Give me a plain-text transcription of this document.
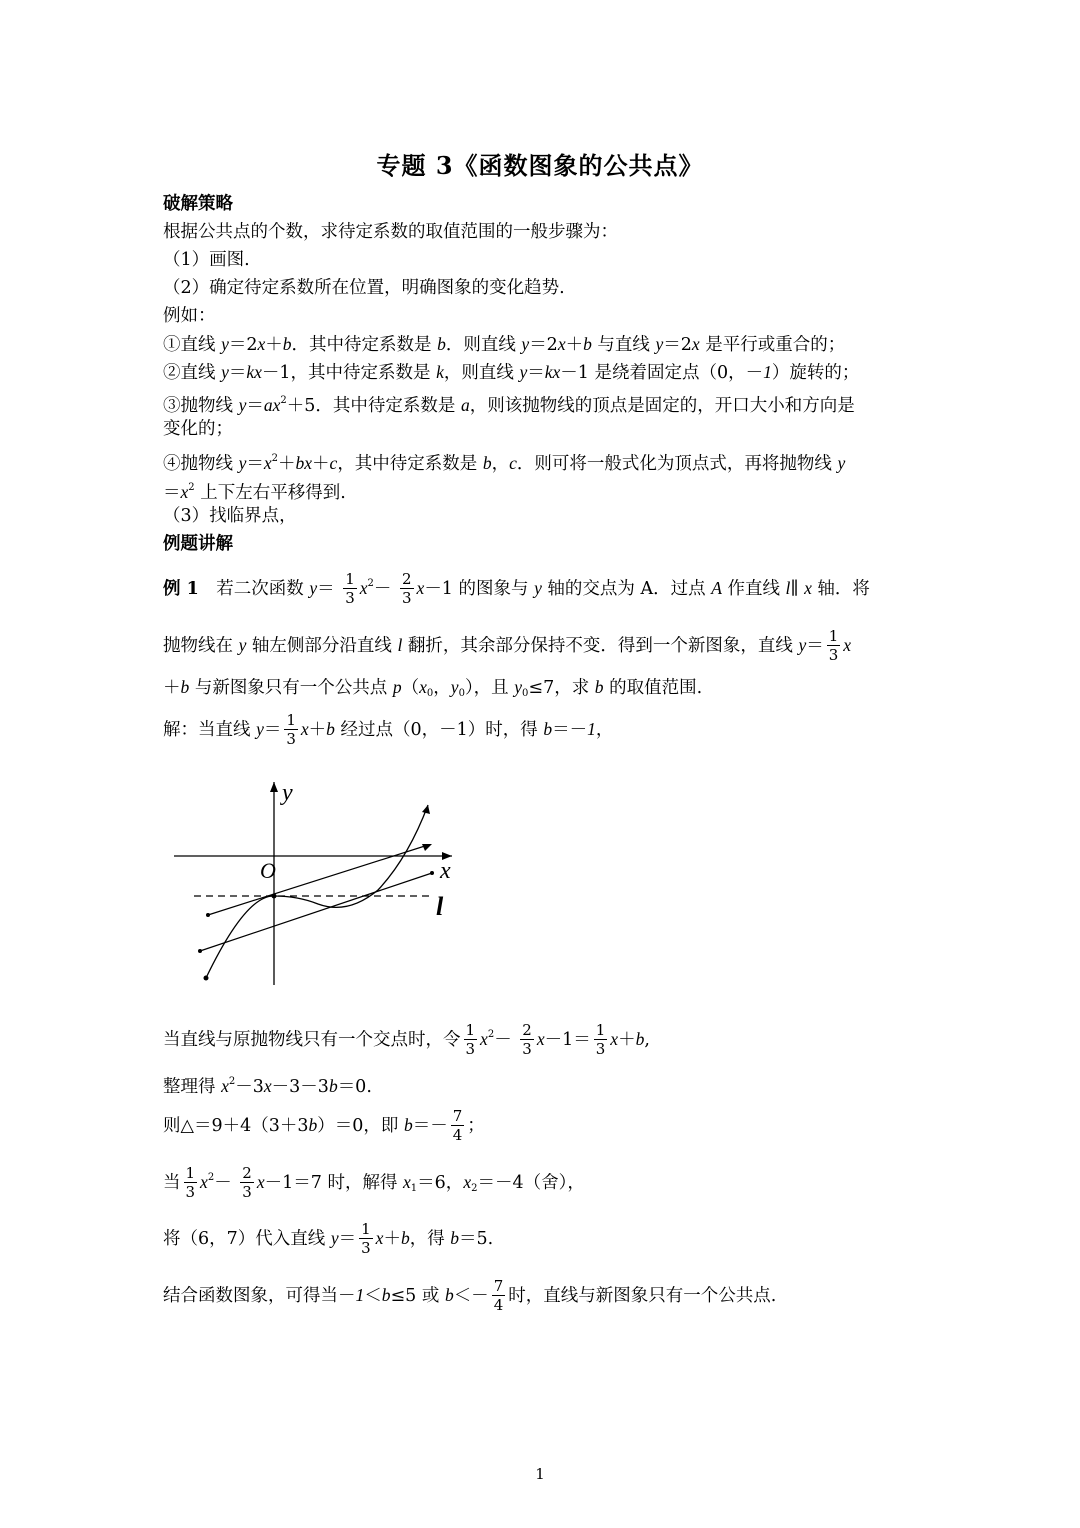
专题 3《函数图象的公共点》
破解策略
根据公共点的个数，求待定系数的取值范围的一般步骤为：
（1）画图.
（2）确定待定系数所在位置，明确图象的变化趋势.
例如：
①直线 y＝2x＋b．其中待定系数是 b．则直线 y＝2x＋b 与直线 y＝2x 是平行或重合的；
②直线 y＝kx－1，其中待定系数是 k，则直线 y＝kx－1 是绕着固定点（0，－1）旋转的；
③抛物线 $y=ax^2+5$．其中待定系数是 a，则该抛物线的顶点是固定的，开口大小和方向是
变化的；
④抛物线 $y=x^2+bx+c$，其中待定系数是 b，c．则可将一般式化为顶点式，再将抛物线 y
$=x^2$ 上下左右平移得到.
（3）找临界点，
例题讲解
例 1　若二次函数 $y= \frac{1}{3} x^2- \frac{2}{3} x-1$ 的图象与 y 轴的交点为 A．过点 A 作直线 l∥ x 轴．将
抛物线在 y 轴左侧部分沿直线 l 翻折，其余部分保持不变．得到一个新图象，直线 $y= \frac{1}{3}$ x
＋b 与新图象只有一个公共点 $p(x_0$，$y_0$），且 $y_0\le 7$，求 b 的取值范围.
解：当直线 $y= \frac{1}{3} x+b$ 经过点（0，－1）时，得 b＝－1，
y
x
O
l
当直线与原抛物线只有一个交点时，令 $\frac{1}{3} x^2- \frac{2}{3} x-1= \frac{1}{3} x+b$,
整理得 $x^2-3x-3-3b=0$.
则△＝9＋4（3＋3b）＝0，即 $b=- \frac{7}{4}$ ；
当 $\frac{1}{3} x^2- \frac{2}{3} x-1=7$ 时，解得 $x_1=6$，$x_2=-4$（舍），
将（6，7）代入直线 $y= \frac{1}{3} x+b$，得 b＝5.
结合函数图象，可得当－1＜b≤5 或 $b<- \frac{7}{4}$ 时，直线与新图象只有一个公共点.
1
